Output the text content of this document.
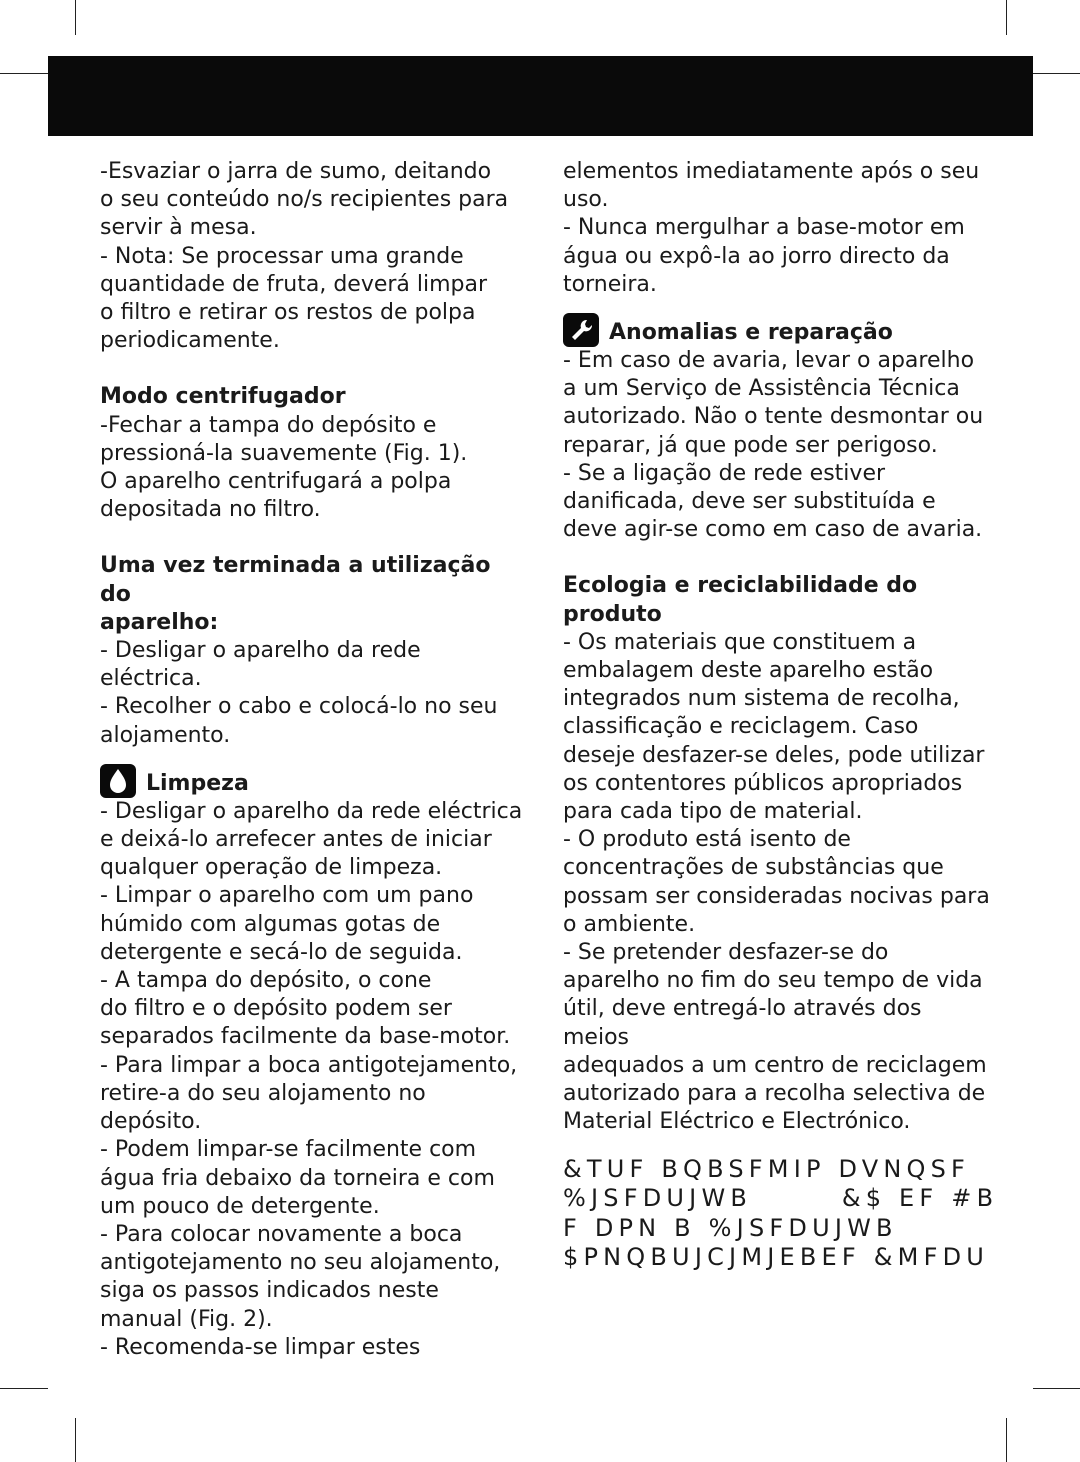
-Esvaziar o jarra de sumo, deitando

o seu conteúdo no/s recipientes para

servir à mesa.

- Nota: Se processar uma grande

quantidade de fruta, deverá limpar

o filtro e retirar os restos de polpa

periodicamente.

Modo centrifugador

-Fechar a tampa do depósito e

pressioná-la suavemente (Fig. 1).

O aparelho centrifugará a polpa

depositada no filtro.

Uma vez terminada a utilização do
aparelho:

- Desligar o aparelho da rede

eléctrica.

- Recolher o cabo e colocá-lo no seu

alojamento.

Limpeza

- Desligar o aparelho da rede eléctrica

e deixá-lo arrefecer antes de iniciar

qualquer operação de limpeza.

- Limpar o aparelho com um pano

húmido com algumas gotas de

detergente e secá-lo de seguida.

- A tampa do depósito, o cone

do filtro e o depósito podem ser

separados facilmente da base-motor.

- Para limpar a boca antigotejamento,

retire-a do seu alojamento no

depósito.

- Podem limpar-se facilmente com

água fria debaixo da torneira e com

um pouco de detergente.

- Para colocar novamente a boca

antigotejamento no seu alojamento,

siga os passos indicados neste

manual (Fig. 2).

- Recomenda-se limpar estes

elementos imediatamente após o seu

uso.

- Nunca mergulhar a base-motor em

água ou expô-la ao jorro directo da

torneira.

Anomalias e reparação

- Em caso de avaria, levar o aparelho

a um Serviço de Assistência Técnica

autorizado. Não o tente desmontar ou

reparar, já que pode ser perigoso.

- Se a ligação de rede estiver

danificada, deve ser substituída e

deve agir-se como em caso de avaria.

Ecologia e reciclabilidade do produto

- Os materiais que constituem a

embalagem deste aparelho estão

integrados num sistema de recolha,

classificação e reciclagem. Caso

deseje desfazer-se deles, pode utilizar

os contentores públicos apropriados

para cada tipo de material.

- O produto está isento de

concentrações de substâncias que

possam ser consideradas nocivas para

o ambiente.

- Se pretender desfazer-se do

aparelho no fim do seu tempo de vida

útil, deve entregá-lo através dos meios

adequados a um centro de reciclagem

autorizado para a recolha selectiva de

Material Eléctrico e Electrónico.

&TUF BQBSFMIP DVNQSF
%JSFDUJWB       &$ EF #B
F DPN B %JSFDUJWB
$PNQBUJCJMJEBEF &MFDU
